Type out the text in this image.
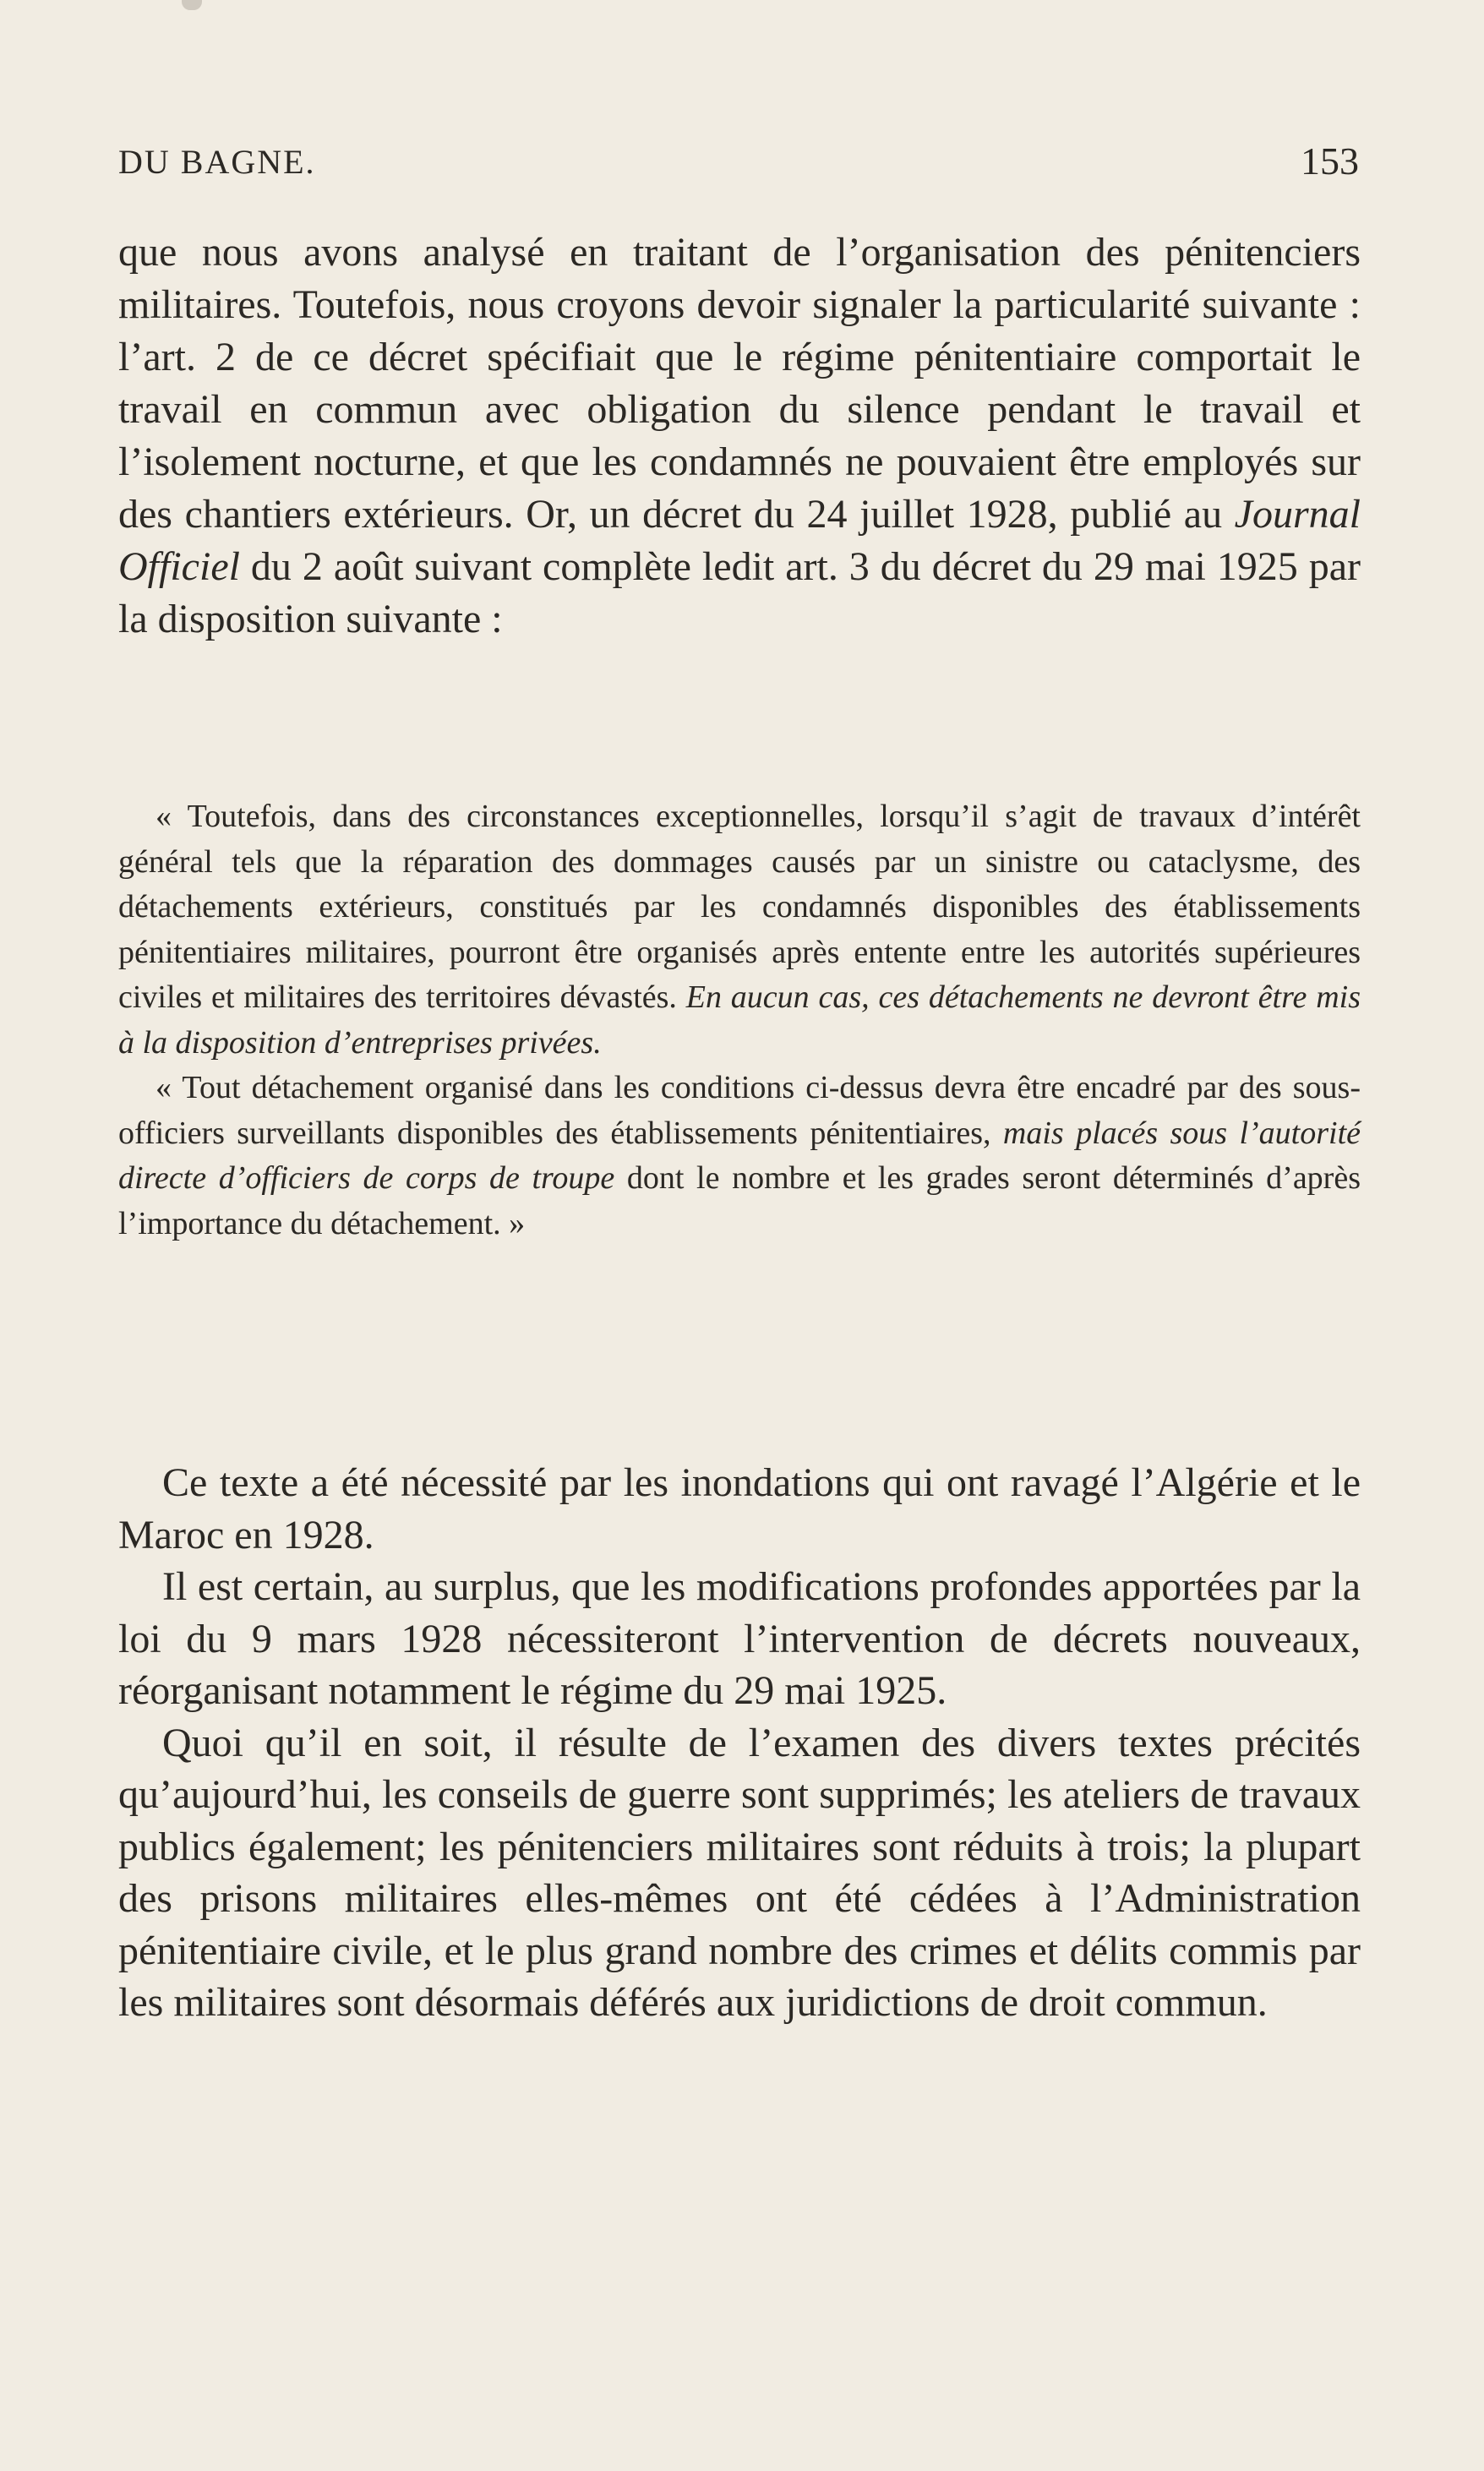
DU BAGNE.	153

que nous avons analysé en traitant de l’organisation des pénitenciers militaires. Toutefois, nous croyons devoir signaler la particularité suivante : l’art. 2 de ce décret spécifiait que le régime pénitentiaire comportait le travail en commun avec obligation du silence pendant le travail et l’isolement nocturne, et que les condamnés ne pouvaient être employés sur des chantiers extérieurs. Or, un décret du 24 juillet 1928, publié au Journal Officiel du 2 août suivant complète ledit art. 3 du décret du 29 mai 1925 par la disposition suivante :

« Toutefois, dans des circonstances exceptionnelles, lorsqu’il s’agit de travaux d’intérêt général tels que la réparation des dommages causés par un sinistre ou cataclysme, des détachements extérieurs, constitués par les condamnés disponibles des établissements pénitentiaires militaires, pourront être organisés après entente entre les autorités supérieures civiles et militaires des territoires dévastés. En aucun cas, ces détachements ne devront être mis à la disposition d’entreprises privées.

« Tout détachement organisé dans les conditions ci-dessus devra être encadré par des sous-officiers surveillants disponibles des établissements pénitentiaires, mais placés sous l’autorité directe d’officiers de corps de troupe dont le nombre et les grades seront déterminés d’après l’importance du détachement. »

Ce texte a été nécessité par les inondations qui ont ravagé l’Algérie et le Maroc en 1928.

Il est certain, au surplus, que les modifications profondes apportées par la loi du 9 mars 1928 nécessiteront l’intervention de décrets nouveaux, réorganisant notamment le régime du 29 mai 1925.

Quoi qu’il en soit, il résulte de l’examen des divers textes précités qu’aujourd’hui, les conseils de guerre sont supprimés; les ateliers de travaux publics également; les pénitenciers militaires sont réduits à trois; la plupart des prisons militaires elles-mêmes ont été cédées à l’Administration pénitentiaire civile, et le plus grand nombre des crimes et délits commis par les militaires sont désormais déférés aux juridictions de droit commun.
